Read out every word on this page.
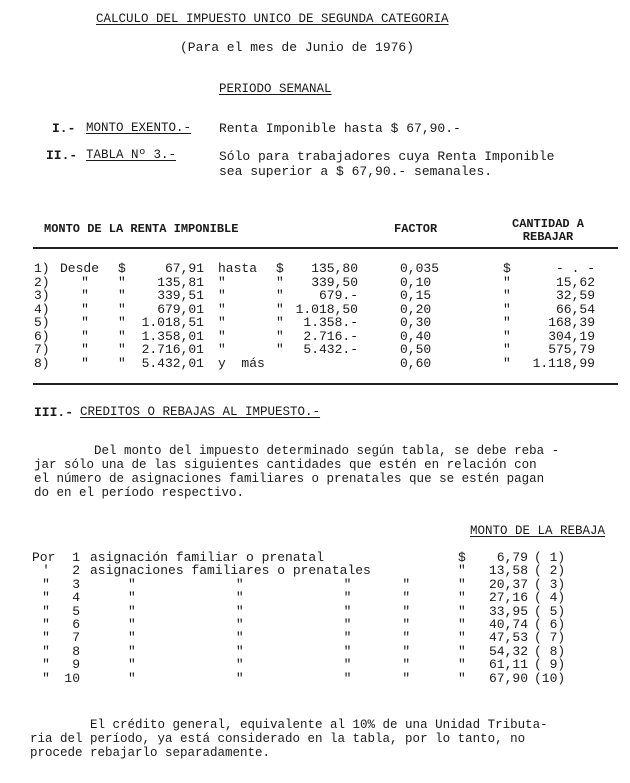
CALCULO DEL IMPUESTO UNICO DE SEGUNDA CATEGORIA
(Para el mes de Junio de 1976)
PERIODO SEMANAL
I.- MONTO EXENTO.- Renta Imponible hasta $ 67,90.-
II.- TABLA Nº 3.-	Sólo para trabajadores cuya Renta Imponible
sea superior a $ 67,90.- semanales.
MONTO DE LA RENTA IMPONIBLE	FACTOR	CANTIDAD A
REBAJAR
1) Desde	$	67,91 hasta	$	135,80	0,035	$	- . -
2)	"	"	135,81 "	"	339,50	0,10	"	15,62
3)	"	"	339,51 "	"	679.-	0,15	"	32,59
4)	"	"	679,01 "	" 1.018,50	0,20	"	66,54
5)	"	"	1.018,51 "	"	1.358.-	0,30	"	168,39
6)	"	"	1.358,01 "	"	2.716.-	0,40	"	304,19
7)	"	"	2.716,01 "	"	5.432.-	0,50	"	575,79
8)	"	"	5.432,01 y  más	0,60	"	1.118,99
III.- CREDITOS O REBAJAS AL IMPUESTO.-
Del monto del impuesto determinado según tabla, se debe reba -
jar sólo una de las siguientes cantidades que estén en relación con
el número de asignaciones familiares o prenatales que se estén pagan
do en el período respectivo.
MONTO DE LA REBAJA
Por	1 asignación familiar o prenatal	$	6,79 ( 1)
'	2 asignaciones familiares o prenatales	"	13,58 ( 2)
"	3	"          "          "     "	"	20,37 ( 3)
"	4	"          "          "     "	"	27,16 ( 4)
"	5	"          "          "     "	"	33,95 ( 5)
"	6	"          "          "     "	"	40,74 ( 6)
"	7	"          "          "     "	"	47,53 ( 7)
"	8	"          "          "     "	"	54,32 ( 8)
"	9	"          "          "     "	"	61,11 ( 9)
"	10	"          "          "     "	"	67,90 (10)
El crédito general, equivalente al 10% de una Unidad Tributa-
ria del período, ya está considerado en la tabla, por lo tanto, no
procede rebajarlo separadamente.
